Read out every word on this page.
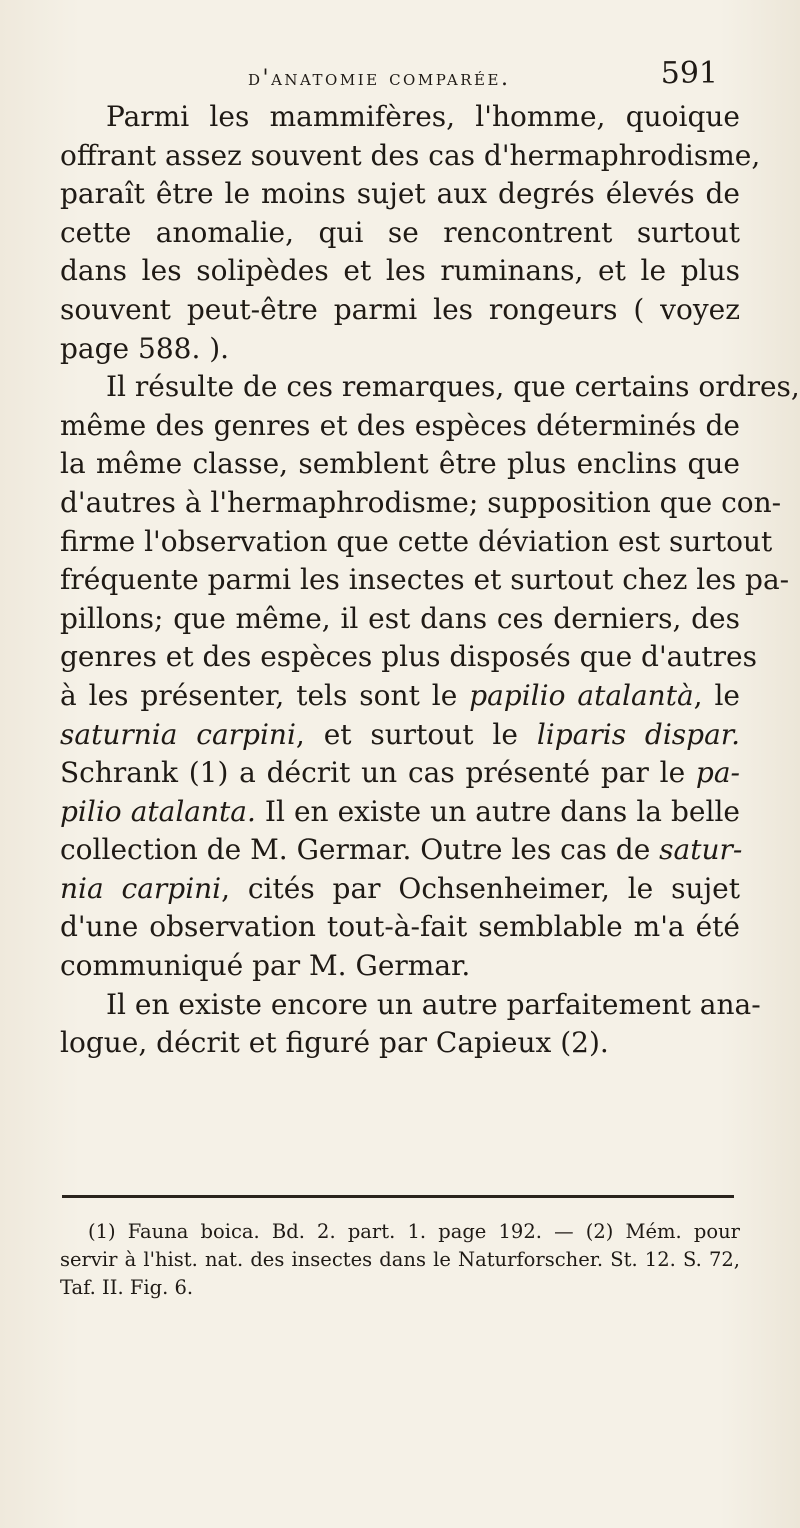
d'anatomie comparée.	591
Parmi les mammifères, l'homme, quoique
offrant assez souvent des cas d'hermaphrodisme,
paraît être le moins sujet aux degrés élevés de
cette anomalie, qui se rencontrent surtout
dans les solipèdes et les ruminans, et le plus
souvent peut-être parmi les rongeurs ( voyez
page 588. ).
Il résulte de ces remarques, que certains ordres,
même des genres et des espèces déterminés de
la même classe, semblent être plus enclins que
d'autres à l'hermaphrodisme; supposition que con-
firme l'observation que cette déviation est surtout
fréquente parmi les insectes et surtout chez les pa-
pillons; que même, il est dans ces derniers, des
genres et des espèces plus disposés que d'autres
à les présenter, tels sont le papilio atalantà, le
saturnia carpini, et surtout le liparis dispar.
Schrank (1) a décrit un cas présenté par le pa-
pilio atalanta. Il en existe un autre dans la belle
collection de M. Germar. Outre les cas de satur-
nia carpini, cités par Ochsenheimer, le sujet
d'une observation tout-à-fait semblable m'a été
communiqué par M. Germar.
Il en existe encore un autre parfaitement ana-
logue, décrit et figuré par Capieux (2).
(1) Fauna boica. Bd. 2. part. 1. page 192. — (2) Mém. pour
servir à l'hist. nat. des insectes dans le Naturforscher. St. 12. S. 72,
Taf. II. Fig. 6.
